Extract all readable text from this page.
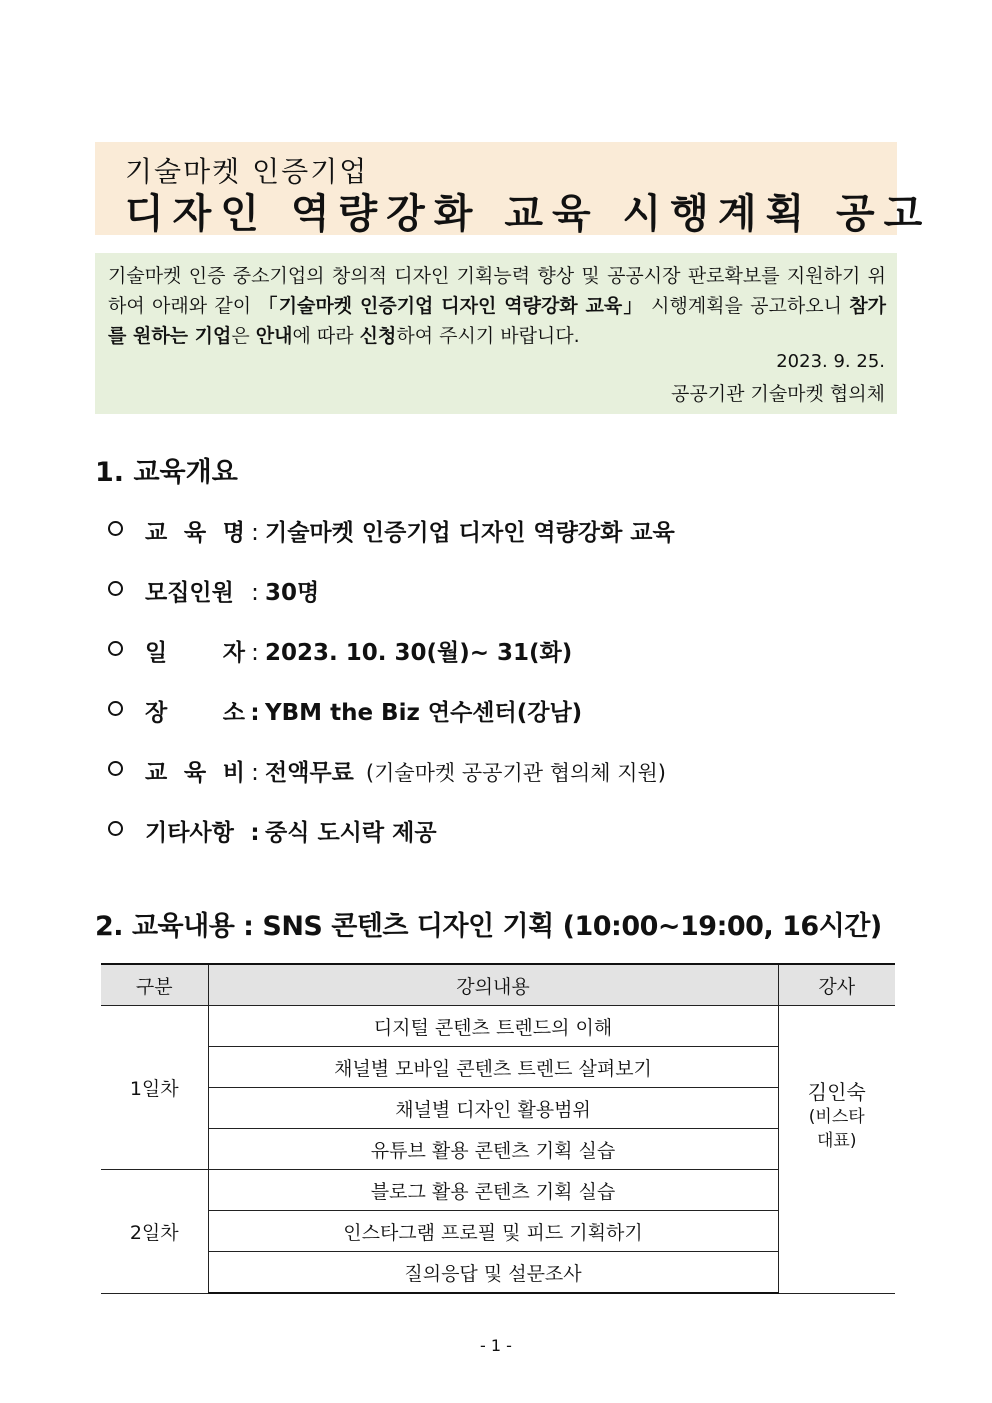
기술마켓 인증기업
디자인 역량강화 교육 시행계획 공고
기술마켓 인증 중소기업의 창의적 디자인 기획능력 향상 및 공공시장 판로확보를 지원하기 위하여 아래와 같이 「기술마켓 인증기업 디자인 역량강화 교육」 시행계획을 공고하오니 참가를 원하는 기업은 안내에 따라 신청하여 주시기 바랍니다.
2023. 9. 25.
공공기관 기술마켓 협의체
1. 교육개요
교 육 명 : 기술마켓 인증기업 디자인 역량강화 교육
모집인원 : 30명
일 자 : 2023. 10. 30(월)~ 31(화)
장 소 : YBM the Biz 연수센터(강남)
교 육 비 : 전액무료 (기술마켓 공공기관 협의체 지원)
기타사항 : 중식 도시락 제공
2. 교육내용 : SNS 콘텐츠 디자인 기획 (10:00~19:00, 16시간)
구분	강의내용	강사
1일차	디지털 콘텐츠 트렌드의 이해	김인숙
(비스타
대표)

	채널별 모바일 콘텐츠 트렌드 살펴보기	
	채널별 디자인 활용범위	
	유튜브 활용 콘텐츠 기획 실습	
2일차	블로그 활용 콘텐츠 기획 실습	
	인스타그램 프로필 및 피드 기획하기	
	질의응답 및 설문조사	
- 1 -
